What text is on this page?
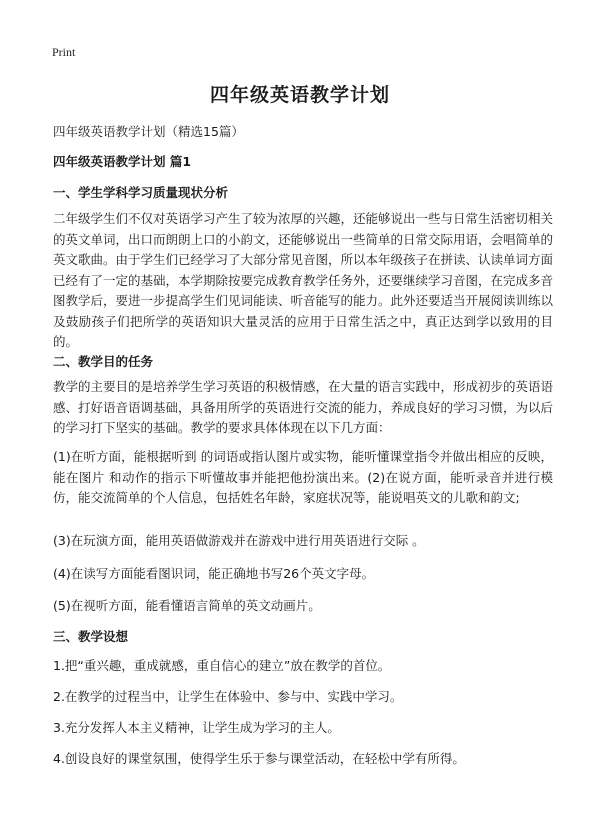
Print
四年级英语教学计划
四年级英语教学计划（精选15篇）
四年级英语教学计划 篇1
一、学生学科学习质量现状分析
二年级学生们不仅对英语学习产生了较为浓厚的兴趣，还能够说出一些与日常生活密切相关的英文单词，出口而朗朗上口的小韵文，还能够说出一些简单的日常交际用语，会唱简单的英文歌曲。由于学生们已经学习了大部分常见音图，所以本年级孩子在拼读、认读单词方面已经有了一定的基础，本学期除按要完成教育教学任务外，还要继续学习音图，在完成多音图教学后，要进一步提高学生们见词能读、听音能写的能力。此外还要适当开展阅读训练以及鼓励孩子们把所学的英语知识大量灵活的应用于日常生活之中，真正达到学以致用的目的。
二、教学目的任务
教学的主要目的是培养学生学习英语的积极情感，在大量的语言实践中，形成初步的英语语感、打好语音语调基础，具备用所学的英语进行交流的能力，养成良好的学习习惯，为以后的学习打下坚实的基础。教学的要求具体体现在以下几方面：
(1)在听方面，能根据听到 的词语或指认图片或实物，能听懂课堂指令并做出相应的反映，能在图片 和动作的指示下听懂故事并能把他扮演出来。(2)在说方面，能听录音并进行模仿，能交流简单的个人信息，包括姓名年龄，家庭状况等，能说唱英文的儿歌和韵文;
(3)在玩演方面，能用英语做游戏并在游戏中进行用英语进行交际 。
(4)在读写方面能看图识词，能正确地书写26个英文字母。
(5)在视听方面，能看懂语言简单的英文动画片。
三、教学设想
1.把“重兴趣，重成就感，重自信心的建立”放在教学的首位。
2.在教学的过程当中，让学生在体验中、参与中、实践中学习。
3.充分发挥人本主义精神，让学生成为学习的主人。
4.创设良好的课堂氛围，使得学生乐于参与课堂活动，在轻松中学有所得。
